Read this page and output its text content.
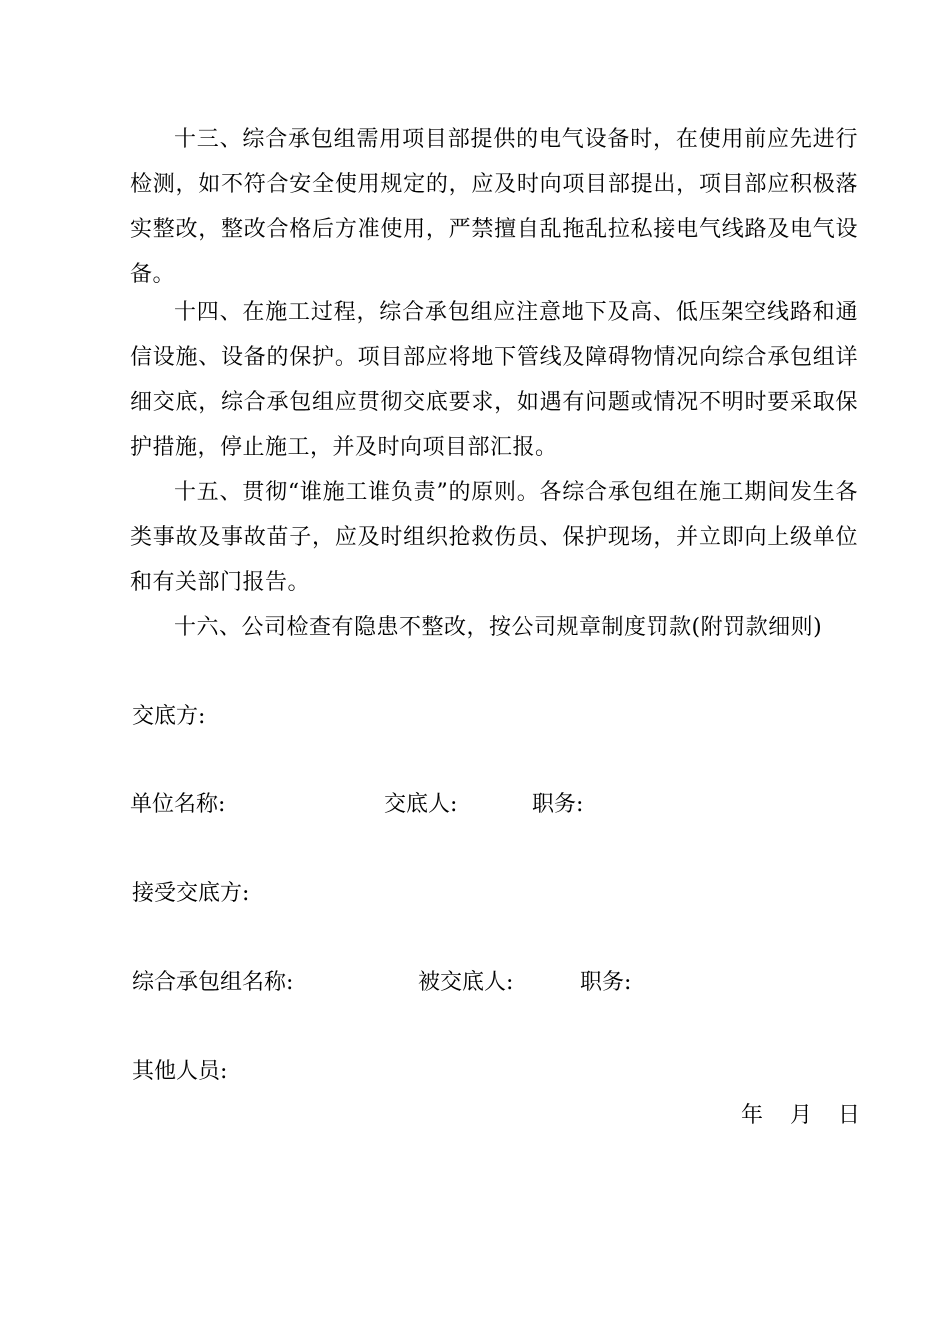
十三、综合承包组需用项目部提供的电气设备时，在使用前应先进行检测，如不符合安全使用规定的，应及时向项目部提出，项目部应积极落实整改，整改合格后方准使用，严禁擅自乱拖乱拉私接电气线路及电气设备。
十四、在施工过程，综合承包组应注意地下及高、低压架空线路和通信设施、设备的保护。项目部应将地下管线及障碍物情况向综合承包组详细交底，综合承包组应贯彻交底要求，如遇有问题或情况不明时要采取保护措施，停止施工，并及时向项目部汇报。
十五、贯彻“谁施工谁负责”的原则。各综合承包组在施工期间发生各类事故及事故苗子，应及时组织抢救伤员、保护现场，并立即向上级单位和有关部门报告。
十六、公司检查有隐患不整改，按公司规章制度罚款(附罚款细则)
交底方:
单位名称:	交底人:	职务:
接受交底方:
综合承包组名称:	被交底人:	职务:
其他人员:
年 月 日
